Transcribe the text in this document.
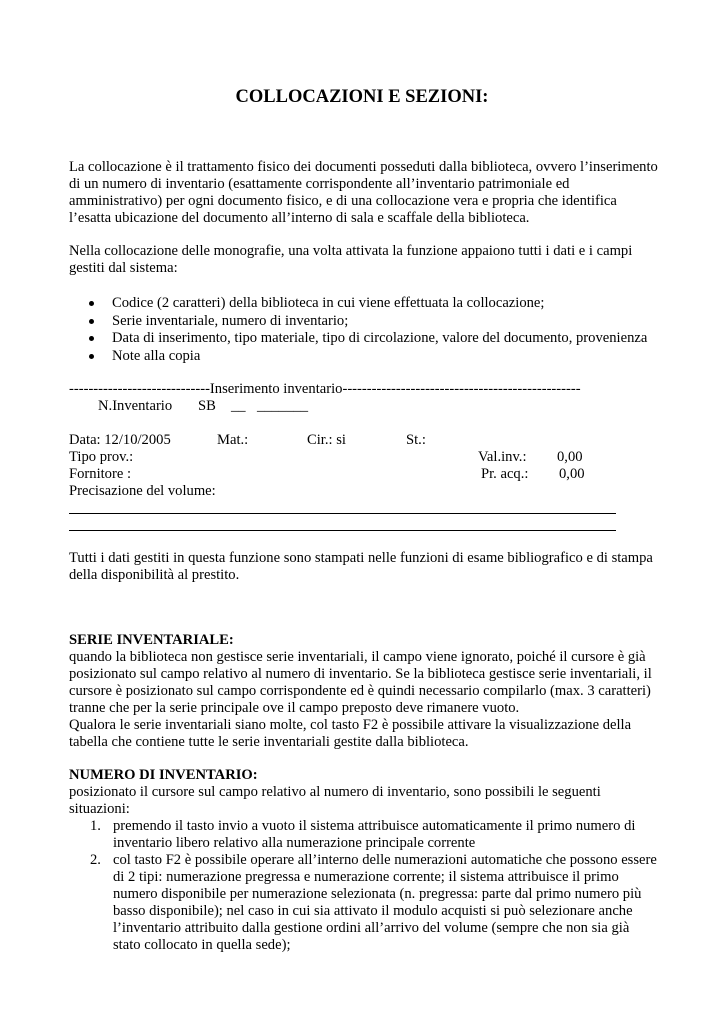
COLLOCAZIONI E SEZIONI:

La collocazione è il trattamento fisico dei documenti posseduti dalla biblioteca, ovvero l’inserimento di un numero di inventario (esattamente corrispondente all’inventario patrimoniale ed amministrativo) per ogni documento fisico, e di una collocazione vera e propria che identifica l’esatta ubicazione del documento all’interno di sala e scaffale della biblioteca.

Nella collocazione delle monografie, una volta attivata la funzione appaiono tutti i dati e i campi gestiti dal sistema:

Codice (2 caratteri) della biblioteca in cui viene effettuata la collocazione;
Serie inventariale, numero di inventario;
Data di inserimento, tipo materiale, tipo di circolazione, valore del documento, provenienza
Note alla copia
-----------------------------Inserimento inventario-------------------------------------------------
N.Inventario SB __ _______
Data: 12/10/2005	Mat.:	Cir.: si	St.:
Tipo prov.:	Val.inv.: 0,00
Fornitore :	Pr. acq.: 0,00
Precisazione del volume:

Tutti i dati gestiti in questa funzione sono stampati nelle funzioni di esame bibliografico e di stampa della disponibilità al prestito.

SERIE INVENTARIALE:
quando la biblioteca non gestisce serie inventariali, il campo viene ignorato, poiché il cursore è già posizionato sul campo relativo al numero di inventario. Se la biblioteca gestisce serie inventariali, il cursore è posizionato sul campo corrispondente ed è quindi necessario compilarlo (max. 3 caratteri) tranne che per la serie principale ove il campo preposto deve rimanere vuoto.
Qualora le serie inventariali siano molte, col tasto F2 è possibile attivare la visualizzazione della tabella che contiene tutte le serie inventariali gestite dalla biblioteca.
NUMERO DI INVENTARIO:
posizionato il cursore sul campo relativo al numero di inventario, sono possibili le seguenti situazioni:
1. premendo il tasto invio a vuoto il sistema attribuisce automaticamente il primo numero di inventario libero relativo alla numerazione principale corrente
2. col tasto F2 è possibile operare all’interno delle numerazioni automatiche che possono essere di 2 tipi: numerazione pregressa e numerazione corrente; il sistema attribuisce il primo numero disponibile per numerazione selezionata (n. pregressa: parte dal primo numero più basso disponibile); nel caso in cui sia attivato il modulo acquisti si può selezionare anche l’inventario attribuito dalla gestione ordini all’arrivo del volume (sempre che non sia già stato collocato in quella sede);
